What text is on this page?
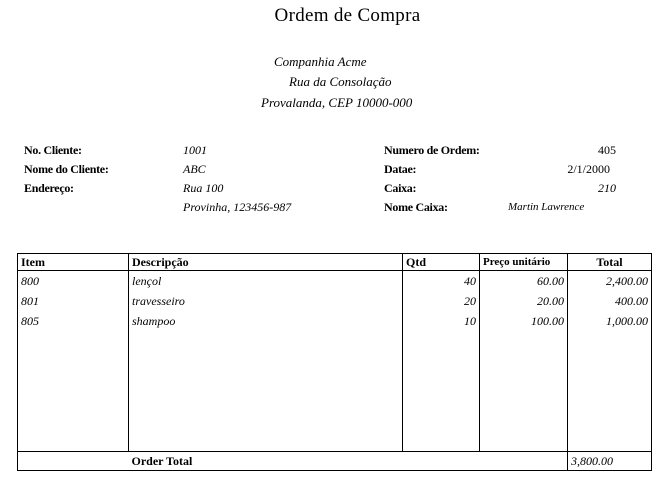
Ordem de Compra
Companhia Acme
Rua da Consolação
Provalanda, CEP 10000-000
No. Cliente:	1001
Nome do Cliente:	ABC
Endereço:	Rua 100
Provinha, 123456-987
Numero de Ordem:	405
Datae:	2/1/2000
Caixa:	210
Nome Caixa:	Martin Lawrence
Item	Descripção	Qtd	Preço unitário	Total
800	lençol	40	60.00	2,400.00
801	travesseiro	20	20.00	400.00
805	shampoo	10	100.00	1,000.00

	Order Total			3,800.00
